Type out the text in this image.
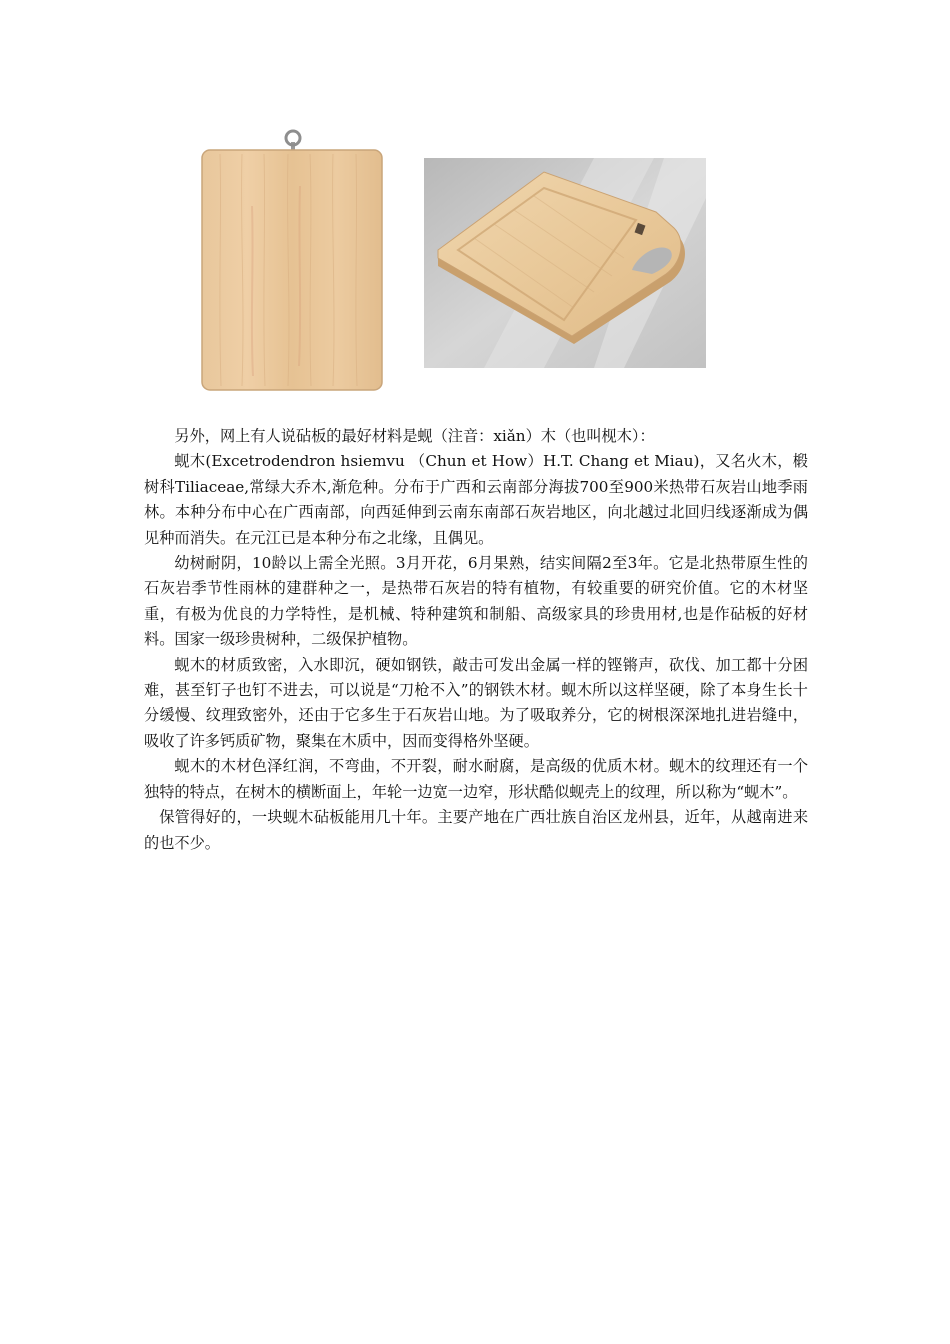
另外，网上有人说砧板的最好材料是蚬（注音：xiǎn）木（也叫枧木）：

蚬木(Excetrodendron hsiemvu （Chun et How）H.T. Chang et Miau)，又名火木，椴树科Tiliaceae,常绿大乔木,渐危种。分布于广西和云南部分海拔700至900米热带石灰岩山地季雨林。本种分布中心在广西南部，向西延伸到云南东南部石灰岩地区，向北越过北回归线逐渐成为偶见种而消失。在元江已是本种分布之北缘，且偶见。

幼树耐阴，10龄以上需全光照。3月开花，6月果熟，结实间隔2至3年。它是北热带原生性的石灰岩季节性雨林的建群种之一，是热带石灰岩的特有植物，有较重要的研究价值。它的木材坚重，有极为优良的力学特性，是机械、特种建筑和制船、高级家具的珍贵用材,也是作砧板的好材料。国家一级珍贵树种，二级保护植物。

蚬木的材质致密，入水即沉，硬如钢铁，敲击可发出金属一样的铿锵声，砍伐、加工都十分困难，甚至钉子也钉不进去，可以说是“刀枪不入”的钢铁木材。蚬木所以这样坚硬，除了本身生长十分缓慢、纹理致密外，还由于它多生于石灰岩山地。为了吸取养分，它的树根深深地扎进岩缝中，吸收了许多钙质矿物，聚集在木质中，因而变得格外坚硬。

蚬木的木材色泽红润，不弯曲，不开裂，耐水耐腐，是高级的优质木材。蚬木的纹理还有一个独特的特点，在树木的横断面上，年轮一边宽一边窄，形状酷似蚬壳上的纹理，所以称为“蚬木”。

保管得好的，一块蚬木砧板能用几十年。主要产地在广西壮族自治区龙州县，近年，从越南进来的也不少。
